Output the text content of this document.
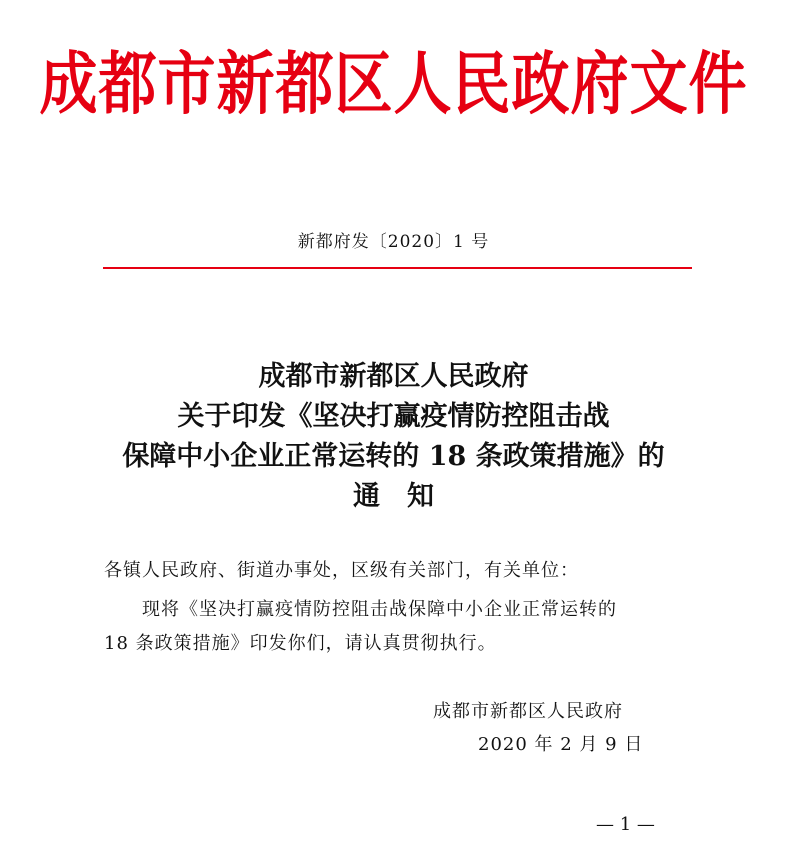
成都市新都区人民政府文件
新都府发〔2020〕1 号
成都市新都区人民政府
关于印发《坚决打赢疫情防控阻击战
保障中小企业正常运转的 18 条政策措施》的
通　知
各镇人民政府、街道办事处，区级有关部门，有关单位：
现将《坚决打赢疫情防控阻击战保障中小企业正常运转的
18 条政策措施》印发你们，请认真贯彻执行。
成都市新都区人民政府
2020 年 2 月 9 日
— 1 —
